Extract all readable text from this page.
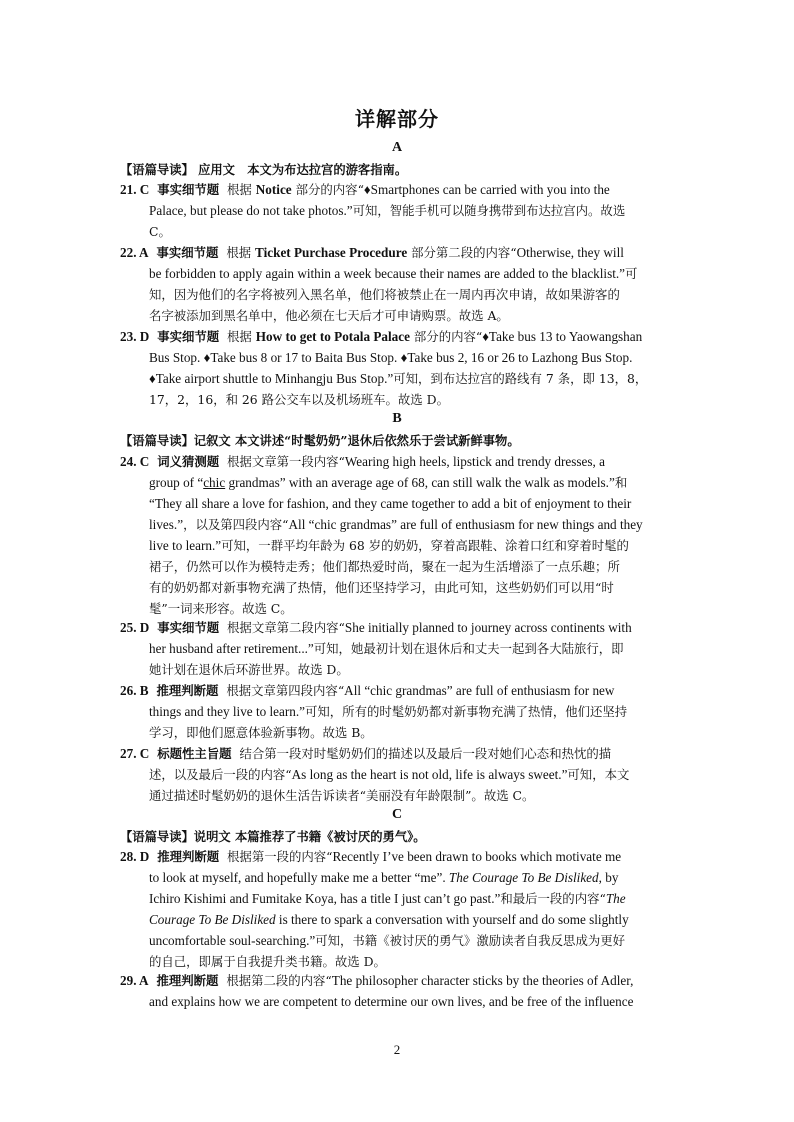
详解部分
A
【语篇导读】 应用文　本文为布达拉宫的游客指南。
21. C 事实细节题 根据 Notice 部分的内容“♦Smartphones can be carried with you into the
Palace, but please do not take photos.”可知，智能手机可以随身携带到布达拉宫内。故选
C。
22. A 事实细节题 根据 Ticket Purchase Procedure 部分第二段的内容“Otherwise, they will
be forbidden to apply again within a week because their names are added to the blacklist.”可
知，因为他们的名字将被列入黑名单，他们将被禁止在一周内再次申请，故如果游客的
名字被添加到黑名单中，他必须在七天后才可申请购票。故选 A。
23. D 事实细节题 根据 How to get to Potala Palace 部分的内容“♦Take bus 13 to Yaowangshan
Bus Stop. ♦Take bus 8 or 17 to Baita Bus Stop. ♦Take bus 2, 16 or 26 to Lazhong Bus Stop.
♦Take airport shuttle to Minhangju Bus Stop.”可知，到布达拉宫的路线有 7 条，即 13，8，
17，2，16，和 26 路公交车以及机场班车。故选 D。
B
【语篇导读】记叙文 本文讲述“时髦奶奶”退休后依然乐于尝试新鲜事物。
24. C 词义猜测题 根据文章第一段内容“Wearing high heels, lipstick and trendy dresses, a
group of “chic grandmas” with an average age of 68, can still walk the walk as models.”和
“They all share a love for fashion, and they came together to add a bit of enjoyment to their
lives.”，以及第四段内容“All “chic grandmas” are full of enthusiasm for new things and they
live to learn.”可知，一群平均年龄为 68 岁的奶奶，穿着高跟鞋、涂着口红和穿着时髦的
裙子，仍然可以作为模特走秀；他们都热爱时尚，聚在一起为生活增添了一点乐趣；所
有的奶奶都对新事物充满了热情，他们还坚持学习，由此可知，这些奶奶们可以用“时
髦”一词来形容。故选 C。
25. D 事实细节题 根据文章第二段内容“She initially planned to journey across continents with
her husband after retirement...”可知，她最初计划在退休后和丈夫一起到各大陆旅行，即
她计划在退休后环游世界。故选 D。
26. B 推理判断题 根据文章第四段内容“All “chic grandmas” are full of enthusiasm for new
things and they live to learn.”可知，所有的时髦奶奶都对新事物充满了热情，他们还坚持
学习，即他们愿意体验新事物。故选 B。
27. C 标题性主旨题 结合第一段对时髦奶奶们的描述以及最后一段对她们心态和热忱的描
述，以及最后一段的内容“As long as the heart is not old, life is always sweet.”可知，本文
通过描述时髦奶奶的退休生活告诉读者“美丽没有年龄限制”。故选 C。
C
【语篇导读】说明文 本篇推荐了书籍《被讨厌的勇气》。
28. D 推理判断题 根据第一段的内容“Recently I’ve been drawn to books which motivate me
to look at myself, and hopefully make me a better “me”. The Courage To Be Disliked, by
Ichiro Kishimi and Fumitake Koya, has a title I just can’t go past.”和最后一段的内容“The
Courage To Be Disliked is there to spark a conversation with yourself and do some slightly
uncomfortable soul-searching.”可知，书籍《被讨厌的勇气》激励读者自我反思成为更好
的自己，即属于自我提升类书籍。故选 D。
29. A 推理判断题 根据第二段的内容“The philosopher character sticks by the theories of Adler,
and explains how we are competent to determine our own lives, and be free of the influence
2
